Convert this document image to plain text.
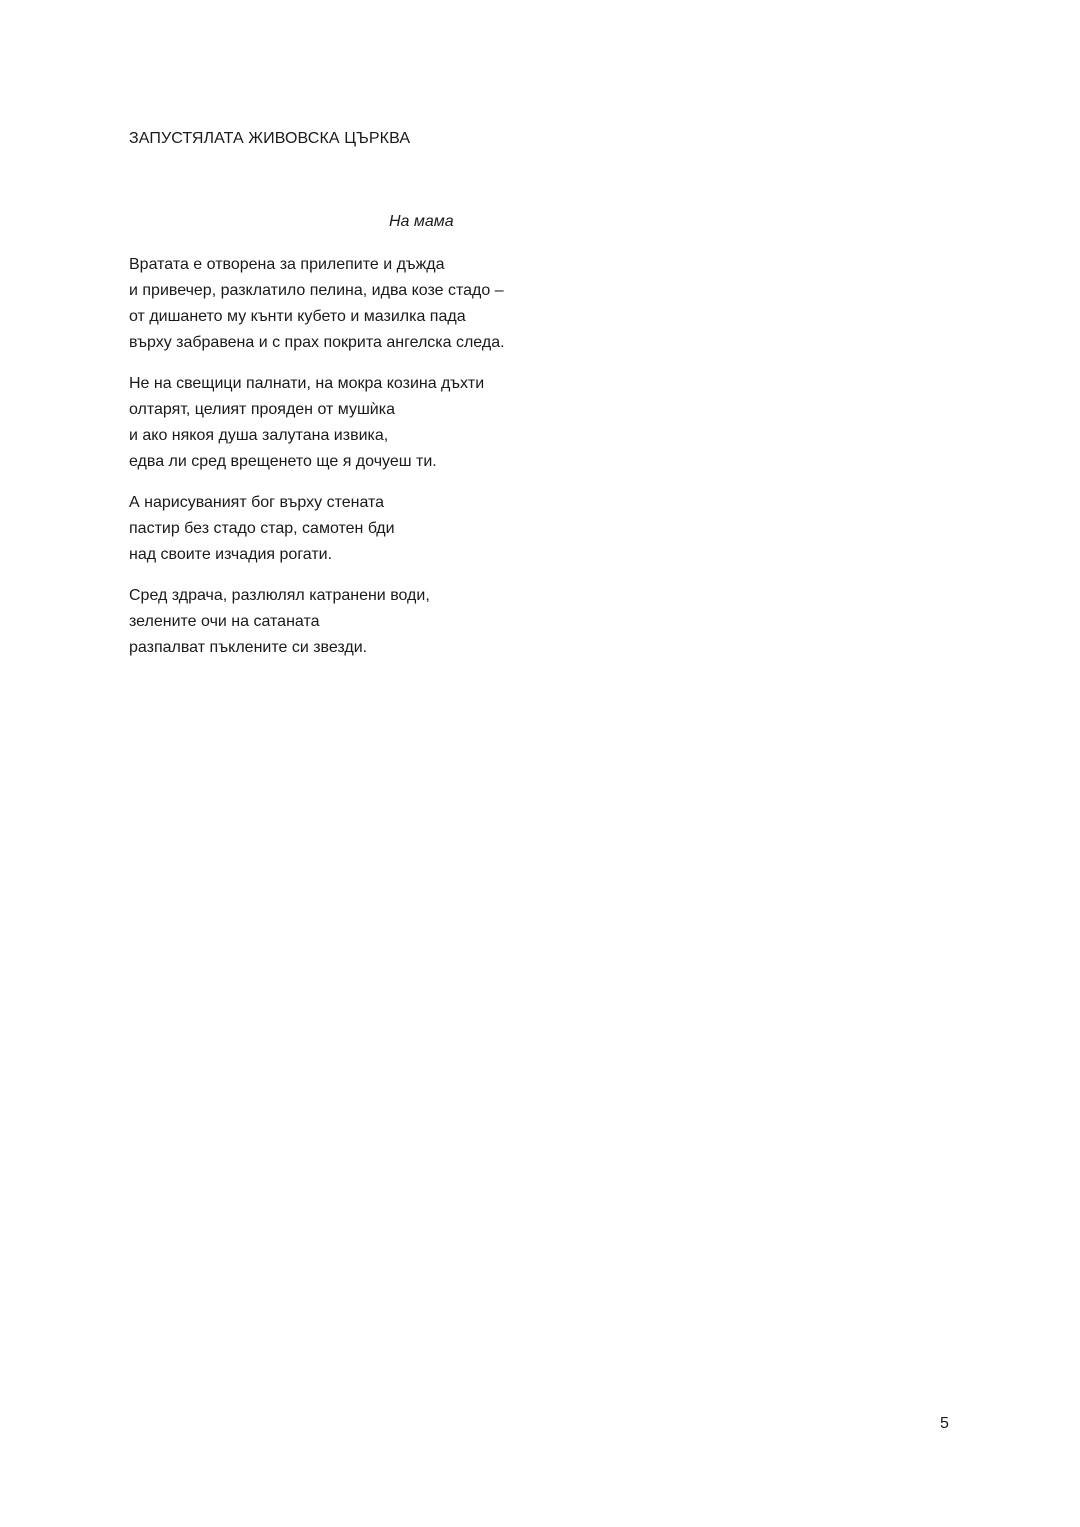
ЗАПУСТЯЛАТА ЖИВОВСКА ЦЪРКВА
На мама
Вратата е отворена за прилепите и дъжда
и привечер, разклатило пелина, идва козе стадо –
от дишането му кънти кубето и мазилка пада
върху забравена и с прах покрита ангелска следа.
Не на свещици палнати, на мокра козина дъхти
олтарят, целият прояден от мушѝка
и ако някоя душа залутана извика,
едва ли сред врещенето ще я дочуеш ти.
А нарисуваният бог върху стената
пастир без стадо стар, самотен бди
над своите изчадия рогати.
Сред здрача, разлюлял катранени води,
зелените очи на сатаната
разпалват пъклените си звезди.
5
